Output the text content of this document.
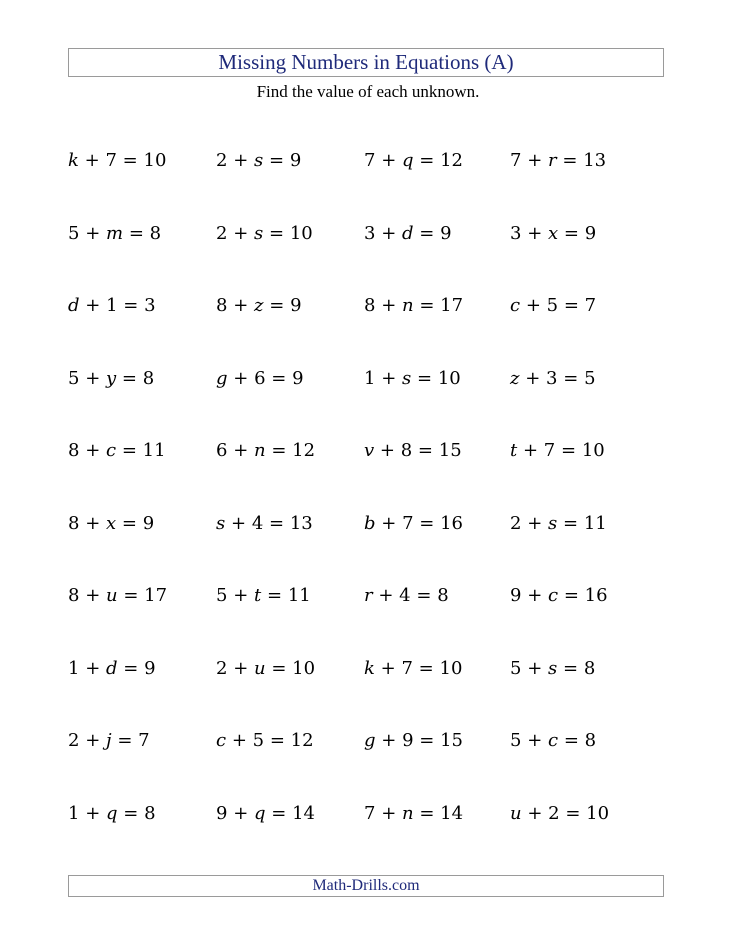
Missing Numbers in Equations (A)
Find the value of each unknown.
k + 7 = 10	2 + s = 9	7 + q = 12	7 + r = 13
5 + m = 8	2 + s = 10	3 + d = 9	3 + x = 9
d + 1 = 3	8 + z = 9	8 + n = 17	c + 5 = 7
5 + y = 8	g + 6 = 9	1 + s = 10	z + 3 = 5
8 + c = 11	6 + n = 12	v + 8 = 15	t + 7 = 10
8 + x = 9	s + 4 = 13	b + 7 = 16	2 + s = 11
8 + u = 17	5 + t = 11	r + 4 = 8	9 + c = 16
1 + d = 9	2 + u = 10	k + 7 = 10	5 + s = 8
2 + j = 7	c + 5 = 12	g + 9 = 15	5 + c = 8
1 + q = 8	9 + q = 14	7 + n = 14	u + 2 = 10
Math-Drills.com
